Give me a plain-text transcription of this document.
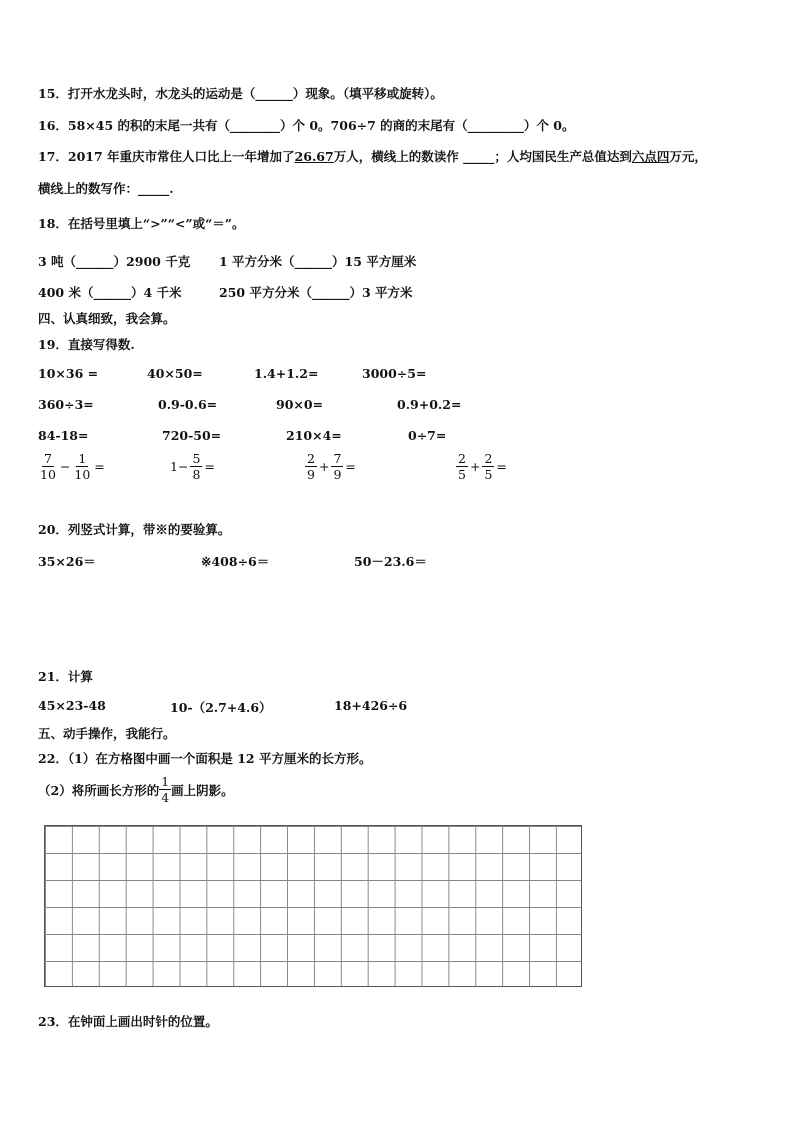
15．打开水龙头时，水龙头的运动是（______）现象。（填平移或旋转）。
16．58×45 的积的末尾一共有（________）个 0。706÷7 的商的末尾有（_________）个 0。
17．2017 年重庆市常住人口比上一年增加了26.67万人，横线上的数读作 _____；人均国民生产总值达到六点四万元，
横线上的数写作：_____.
18．在括号里填上“>”“<”或“＝”。
3 吨（______）2900 千克 1 平方分米（______）15 平方厘米
400 米（______）4 千米	250 平方分米（______）3 平方米
四、认真细致，我会算。
19．直接写得数.
10×36 =	40×50=	1.4+1.2=	3000÷5=
360÷3=	0.9-0.6=	90×0=	0.9+0.2=
84-18=	720-50=	210×4=	0÷7=
$\frac{7}{10} - \frac{1}{10}$ =	$1- \frac{5}{8}$ =	$\frac{2}{9} + \frac{7}{9}$ =	$\frac{2}{5} + \frac{2}{5}$ =
20．列竖式计算，带※的要验算。
35×26＝	※408÷6＝	50－23.6＝
21．计算
45×23-48	10-（2.7+4.6）	18+426÷6
五、动手操作，我能行。
22．（1）在方格图中画一个面积是 12 平方厘米的长方形。
（2）将所画长方形的 $\frac{1}{4}$ 画上阴影。
23．在钟面上画出时针的位置。
